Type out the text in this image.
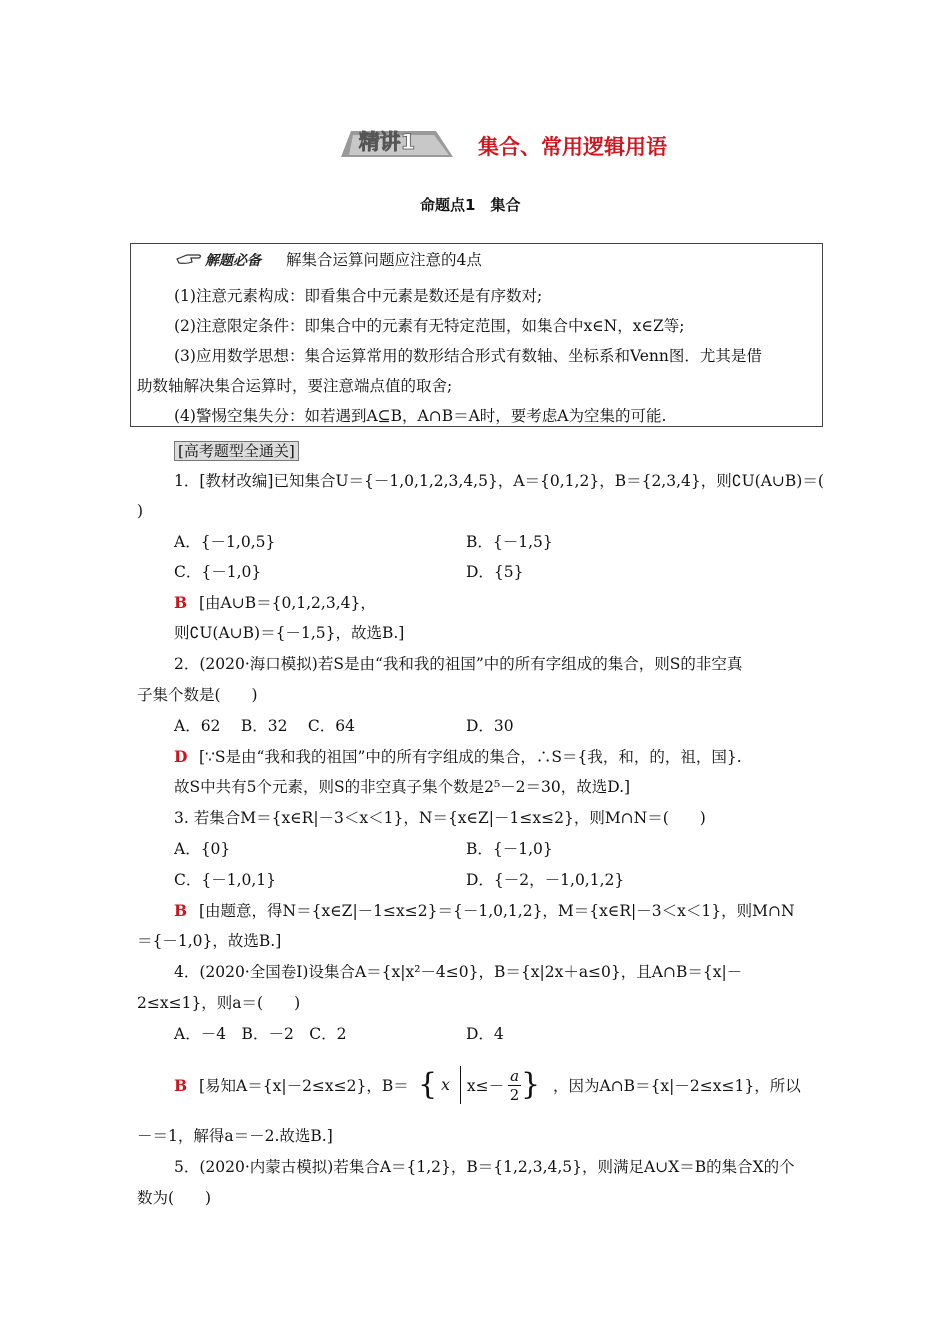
精讲1	集合、常用逻辑用语
命题点1　集合
解题必备 解集合运算问题应注意的4点
(1)注意元素构成：即看集合中元素是数还是有序数对;
(2)注意限定条件：即集合中的元素有无特定范围，如集合中x∈N，x∈Z等;
(3)应用数学思想：集合运算常用的数形结合形式有数轴、坐标系和Venn图．尤其是借
助数轴解决集合运算时，要注意端点值的取舍;
(4)警惕空集失分：如若遇到A⊆B，A∩B＝A时，要考虑A为空集的可能.
[高考题型全通关]
1．[教材改编]已知集合U＝{－1,0,1,2,3,4,5}，A＝{0,1,2}，B＝{2,3,4}，则∁U(A∪B)＝(
)
A．{－1,0,5}	B．{－1,5}
C．{－1,0}	D．{5}
B [由A∪B＝{0,1,2,3,4}，
则∁U(A∪B)＝{－1,5}，故选B.]
2．(2020·海口模拟)若S是由“我和我的祖国”中的所有字组成的集合，则S的非空真
子集个数是(　　)
A．62　 B．32　 C．64	D．30
D [∵S是由“我和我的祖国”中的所有字组成的集合，∴S＝{我，和，的，祖，国}.
故S中共有5个元素，则S的非空真子集个数是2⁵－2＝30，故选D.]
3. 若集合M＝{x∈R|－3＜x＜1}，N＝{x∈Z|－1≤x≤2}，则M∩N＝(　　)
A．{0}	B．{－1,0}
C．{－1,0,1}	D．{－2，－1,0,1,2}
B [由题意，得N＝{x∈Z|－1≤x≤2}＝{－1,0,1,2}，M＝{x∈R|－3＜x＜1}，则M∩N
＝{－1,0}，故选B.]
4．(2020·全国卷Ⅰ)设集合A＝{x|x²－4≤0}，B＝{x|2x＋a≤0}，且A∩B＝{x|－
2≤x≤1}，则a＝(　　)
A．－4　B．－2　C．2	D．4
B [易知A＝{x|－2≤x≤2}，B＝ { x $x\le- \frac{a}{2}$ } ，因为A∩B＝{x|－2≤x≤1}，所以
－＝1，解得a＝－2.故选B.]
5．(2020·内蒙古模拟)若集合A＝{1,2}，B＝{1,2,3,4,5}，则满足A∪X＝B的集合X的个
数为(　　)
